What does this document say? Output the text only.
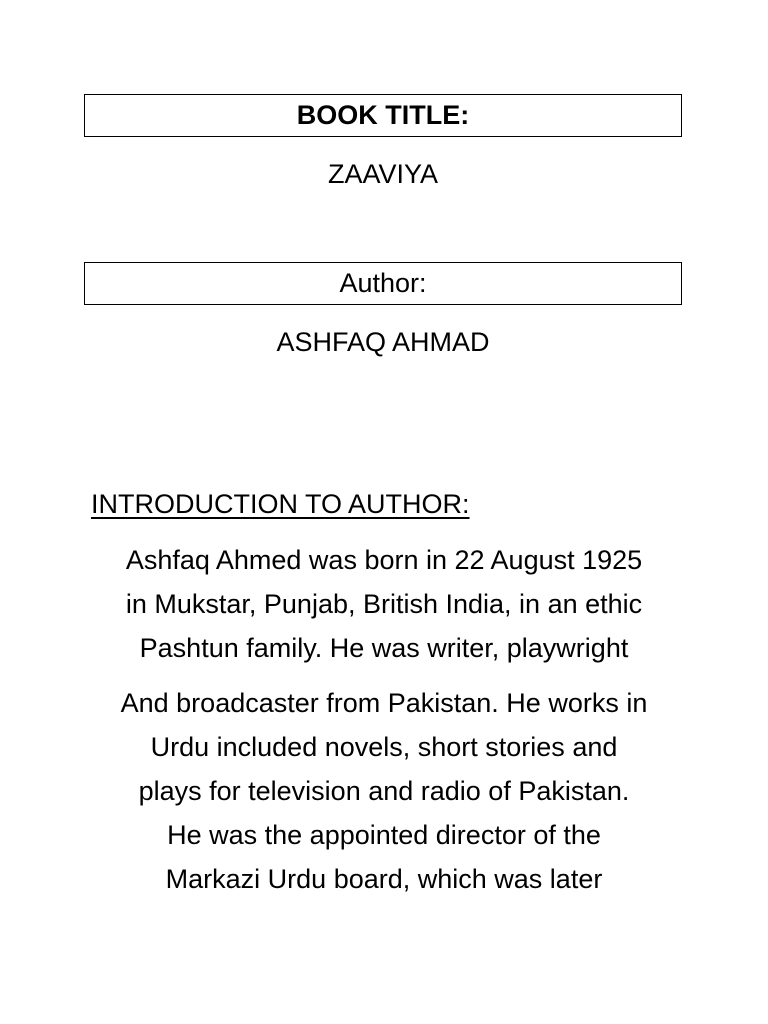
BOOK TITLE:
ZAAVIYA
Author:
ASHFAQ AHMAD
INTRODUCTION TO AUTHOR:

Ashfaq Ahmed was born in 22 August 1925
in Mukstar, Punjab, British India, in an ethic
Pashtun family. He was writer, playwright

And broadcaster from Pakistan. He works in
Urdu included novels, short stories and
plays for television and radio of Pakistan.
He was the appointed director of the
Markazi Urdu board, which was later
